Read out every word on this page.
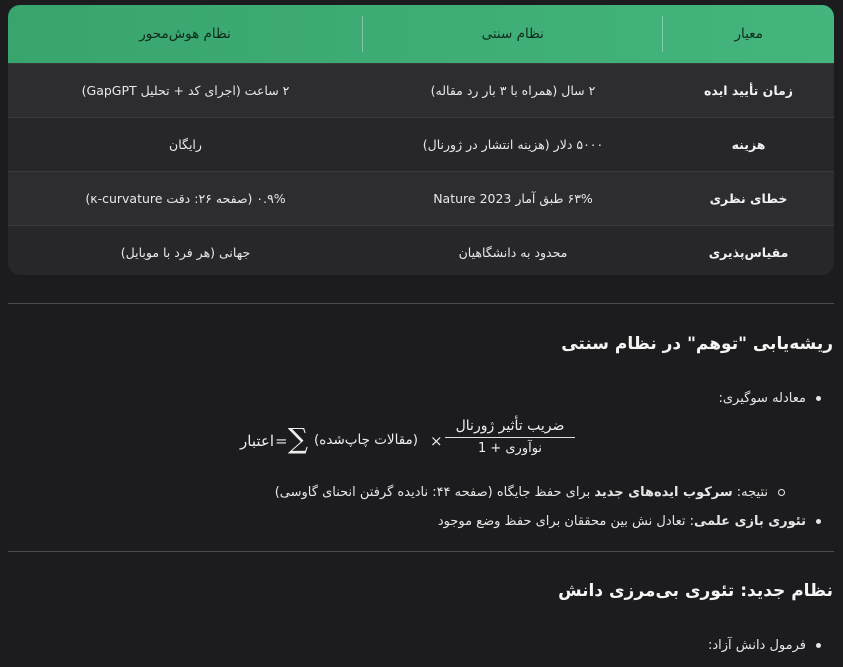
معیار
نظام سنتی
نظام هوش‌محور
زمان تأیید ایده
۲ سال (همراه با ۳ بار رد مقاله)
۲ ساعت (اجرای کد + تحلیل GapGPT)
هزینه
۵۰۰۰ دلار (هزینه انتشار در ژورنال)
رایگان
خطای نظری
۶۳% طبق آمار Nature 2023
۰.۹% (صفحه ۲۶: دقت κ-curvature)
مقیاس‌پذیری
محدود به دانشگاهیان
جهانی (هر فرد با موبایل)
ریشه‌یابی "توهم" در نظام سنتی
معادله سوگیری:
اعتبار = ∑ (مقالات چاپ‌شده) ×
ضریب تأثیر ژورنال
نوآوری + 1
نتیجه: سرکوب ایده‌های جدید برای حفظ جایگاه (صفحه ۴۴: نادیده گرفتن انحنای گاوسی)
تئوری بازی علمی: تعادل نش بین محققان برای حفظ وضع موجود
نظام جدید: تئوری بی‌مرزی دانش
فرمول دانش آزاد:
